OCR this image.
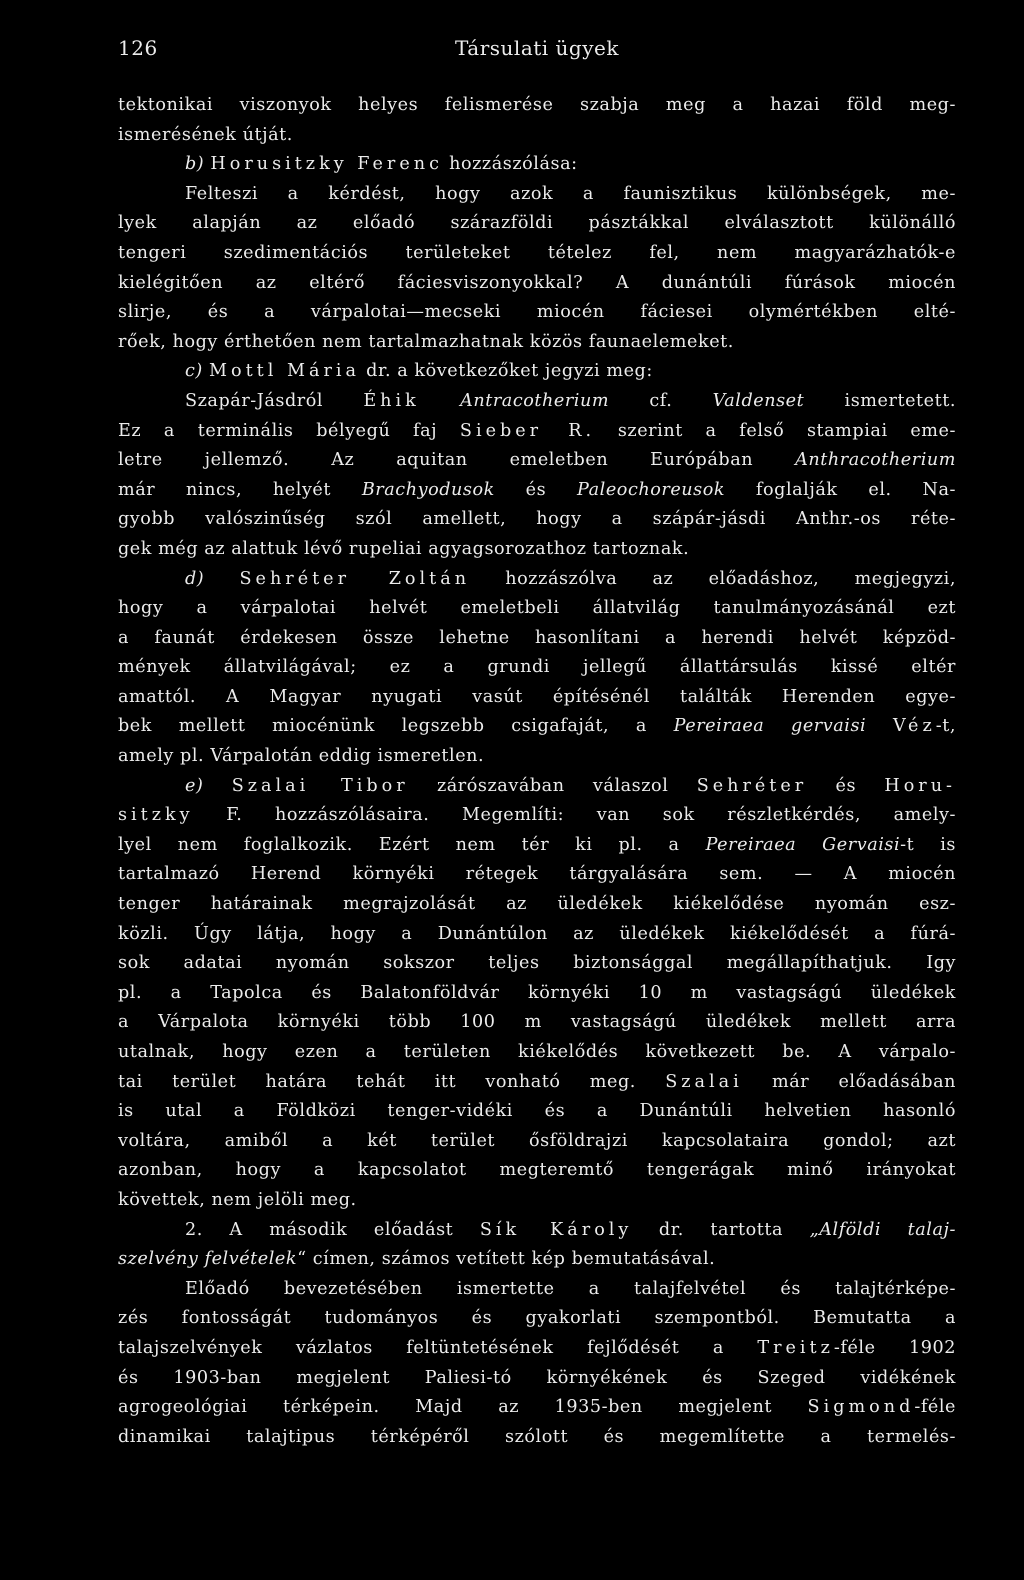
126	Társulati ügyek
tektonikai viszonyok helyes felismerése szabja meg a hazai föld meg-
ismerésének útját.
b) Horusitzky Ferenc hozzászólása:
Felteszi a kérdést, hogy azok a faunisztikus különbségek, me-
lyek alapján az előadó szárazföldi pásztákkal elválasztott különálló
tengeri szedimentációs területeket tételez fel, nem magyarázhatók-e
kielégitően az eltérő fáciesviszonyokkal? A dunántúli fúrások miocén
slirje, és a várpalotai—mecseki miocén fáciesei olymértékben elté-
rőek, hogy érthetően nem tartalmazhatnak közös faunaelemeket.
c) Mottl Mária dr. a következőket jegyzi meg:
Szapár-Jásdról Éhik Antracotherium cf. Valdenset ismertetett.
Ez a terminális bélyegű faj Sieber R. szerint a felső stampiai eme-
letre jellemző. Az aquitan emeletben Európában Anthracotherium
már nincs, helyét Brachyodusok és Paleochoreusok foglalják el. Na-
gyobb valószinűség szól amellett, hogy a szápár-jásdi Anthr.-os réte-
gek még az alattuk lévő rupeliai agyagsorozathoz tartoznak.
d) Sehréter Zoltán hozzászólva az előadáshoz, megjegyzi,
hogy a várpalotai helvét emeletbeli állatvilág tanulmányozásánál ezt
a faunát érdekesen össze lehetne hasonlítani a herendi helvét képzöd-
mények állatvilágával; ez a grundi jellegű állattársulás kissé eltér
amattól. A Magyar nyugati vasút építésénél találták Herenden egye-
bek mellett miocénünk legszebb csigafaját, a Pereiraea gervaisi Véz-t,
amely pl. Várpalotán eddig ismeretlen.
e) Szalai Tibor zárószavában válaszol Sehréter és Horu-
sitzky F. hozzászólásaira. Megemlíti: van sok részletkérdés, amely-
lyel nem foglalkozik. Ezért nem tér ki pl. a Pereiraea Gervaisi-t is
tartalmazó Herend környéki rétegek tárgyalására sem. — A miocén
tenger határainak megrajzolását az üledékek kiékelődése nyomán esz-
közli. Úgy látja, hogy a Dunántúlon az üledékek kiékelődését a fúrá-
sok adatai nyomán sokszor teljes biztonsággal megállapíthatjuk. Igy
pl. a Tapolca és Balatonföldvár környéki 10 m vastagságú üledékek
a Várpalota környéki több 100 m vastagságú üledékek mellett arra
utalnak, hogy ezen a területen kiékelődés következett be. A várpalo-
tai terület határa tehát itt vonható meg. Szalai már előadásában
is utal a Földközi tenger-vidéki és a Dunántúli helvetien hasonló
voltára, amiből a két terület ősföldrajzi kapcsolataira gondol; azt
azonban, hogy a kapcsolatot megteremtő tengerágak minő irányokat
követtek, nem jelöli meg.
2. A második előadást Sík Károly dr. tartotta „Alföldi talaj-
szelvény felvételek“ címen, számos vetített kép bemutatásával.
Előadó bevezetésében ismertette a talajfelvétel és talajtérképe-
zés fontosságát tudományos és gyakorlati szempontból. Bemutatta a
talajszelvények vázlatos feltüntetésének fejlődését a Treitz-féle 1902
és 1903-ban megjelent Paliesi-tó környékének és Szeged vidékének
agrogeológiai térképein. Majd az 1935-ben megjelent Sigmond-féle
dinamikai talajtipus térképéről szólott és megemlítette a termelés-
